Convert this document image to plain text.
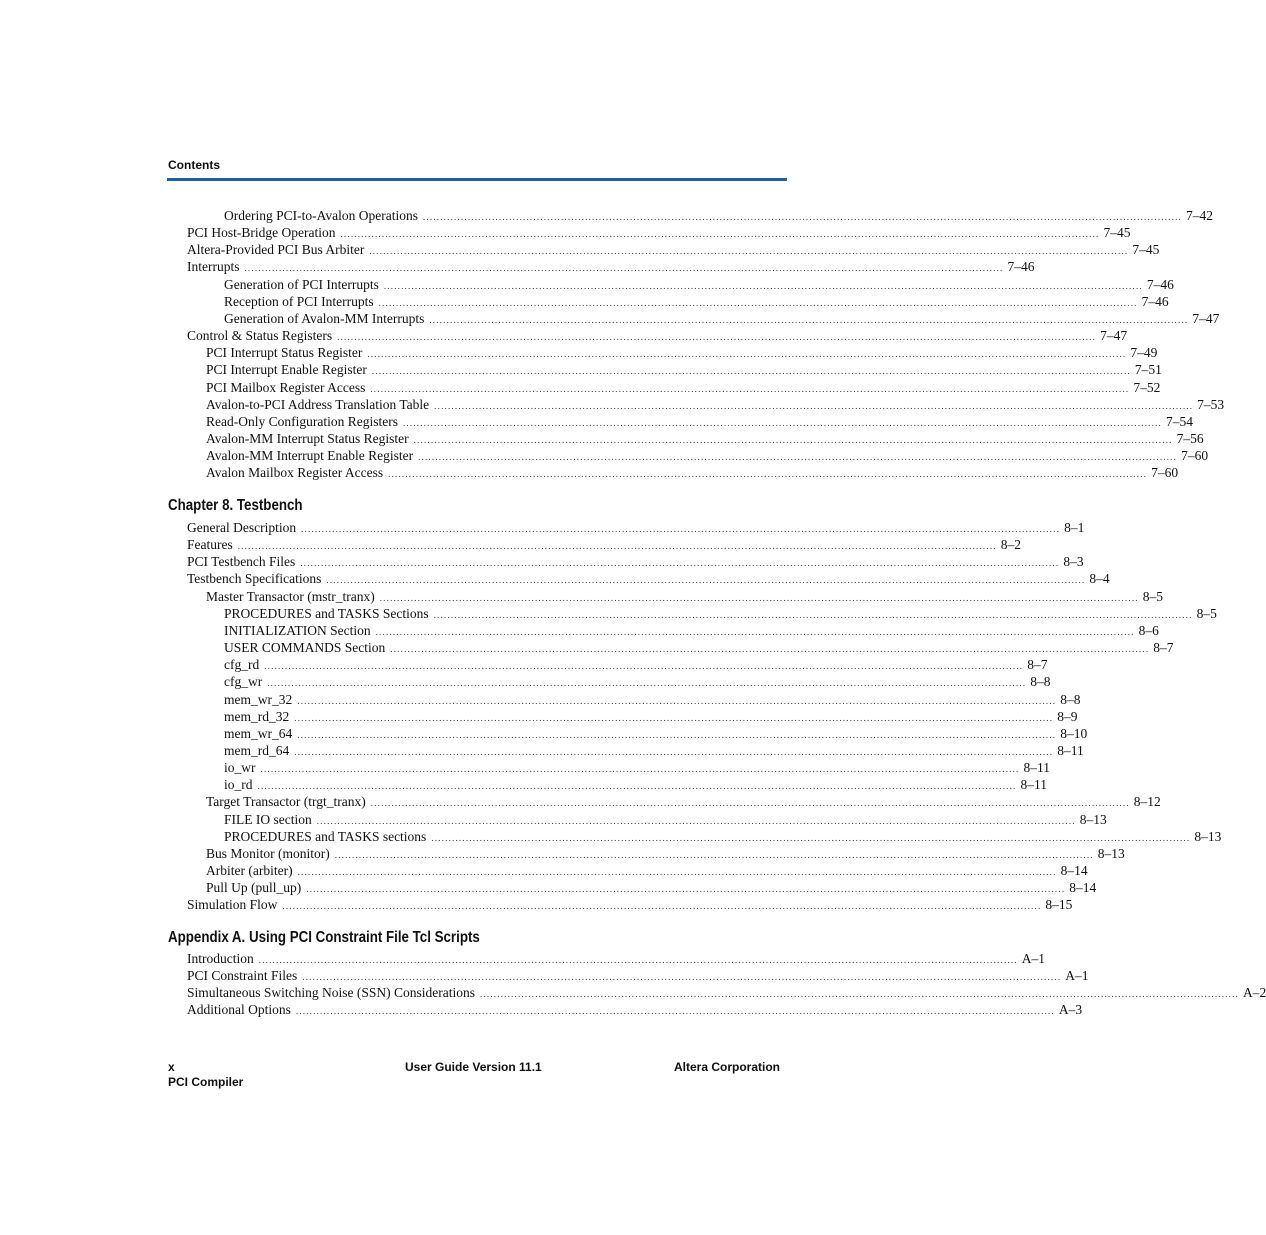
Contents
Ordering PCI-to-Avalon Operations ............................................................................................................................................................................................................................ 7–42
PCI Host-Bridge Operation ............................................................................................................................................................................................................................ 7–45
Altera-Provided PCI Bus Arbiter ............................................................................................................................................................................................................................ 7–45
Interrupts ............................................................................................................................................................................................................................ 7–46
Generation of PCI Interrupts ............................................................................................................................................................................................................................ 7–46
Reception of PCI Interrupts ............................................................................................................................................................................................................................ 7–46
Generation of Avalon-MM Interrupts ............................................................................................................................................................................................................................ 7–47
Control & Status Registers ............................................................................................................................................................................................................................ 7–47
PCI Interrupt Status Register ............................................................................................................................................................................................................................ 7–49
PCI Interrupt Enable Register ............................................................................................................................................................................................................................ 7–51
PCI Mailbox Register Access ............................................................................................................................................................................................................................ 7–52
Avalon-to-PCI Address Translation Table ............................................................................................................................................................................................................................ 7–53
Read-Only Configuration Registers ............................................................................................................................................................................................................................ 7–54
Avalon-MM Interrupt Status Register ............................................................................................................................................................................................................................ 7–56
Avalon-MM Interrupt Enable Register ............................................................................................................................................................................................................................ 7–60
Avalon Mailbox Register Access ............................................................................................................................................................................................................................ 7–60
Chapter 8. Testbench
General Description ............................................................................................................................................................................................................................ 8–1
Features ............................................................................................................................................................................................................................ 8–2
PCI Testbench Files ............................................................................................................................................................................................................................ 8–3
Testbench Specifications ............................................................................................................................................................................................................................ 8–4
Master Transactor (mstr_tranx) ............................................................................................................................................................................................................................ 8–5
PROCEDURES and TASKS Sections ............................................................................................................................................................................................................................ 8–5
INITIALIZATION Section ............................................................................................................................................................................................................................ 8–6
USER COMMANDS Section ............................................................................................................................................................................................................................ 8–7
cfg_rd ............................................................................................................................................................................................................................ 8–7
cfg_wr ............................................................................................................................................................................................................................ 8–8
mem_wr_32 ............................................................................................................................................................................................................................ 8–8
mem_rd_32 ............................................................................................................................................................................................................................ 8–9
mem_wr_64 ............................................................................................................................................................................................................................ 8–10
mem_rd_64 ............................................................................................................................................................................................................................ 8–11
io_wr ............................................................................................................................................................................................................................ 8–11
io_rd ............................................................................................................................................................................................................................ 8–11
Target Transactor (trgt_tranx) ............................................................................................................................................................................................................................ 8–12
FILE IO section ............................................................................................................................................................................................................................ 8–13
PROCEDURES and TASKS sections ............................................................................................................................................................................................................................ 8–13
Bus Monitor (monitor) ............................................................................................................................................................................................................................ 8–13
Arbiter (arbiter) ............................................................................................................................................................................................................................ 8–14
Pull Up (pull_up) ............................................................................................................................................................................................................................ 8–14
Simulation Flow ............................................................................................................................................................................................................................ 8–15
Appendix A. Using PCI Constraint File Tcl Scripts
Introduction ............................................................................................................................................................................................................................ A–1
PCI Constraint Files ............................................................................................................................................................................................................................ A–1
Simultaneous Switching Noise (SSN) Considerations ............................................................................................................................................................................................................................ A–2
Additional Options ............................................................................................................................................................................................................................ A–3
x
PCI Compiler
User Guide Version 11.1	Altera Corporation
